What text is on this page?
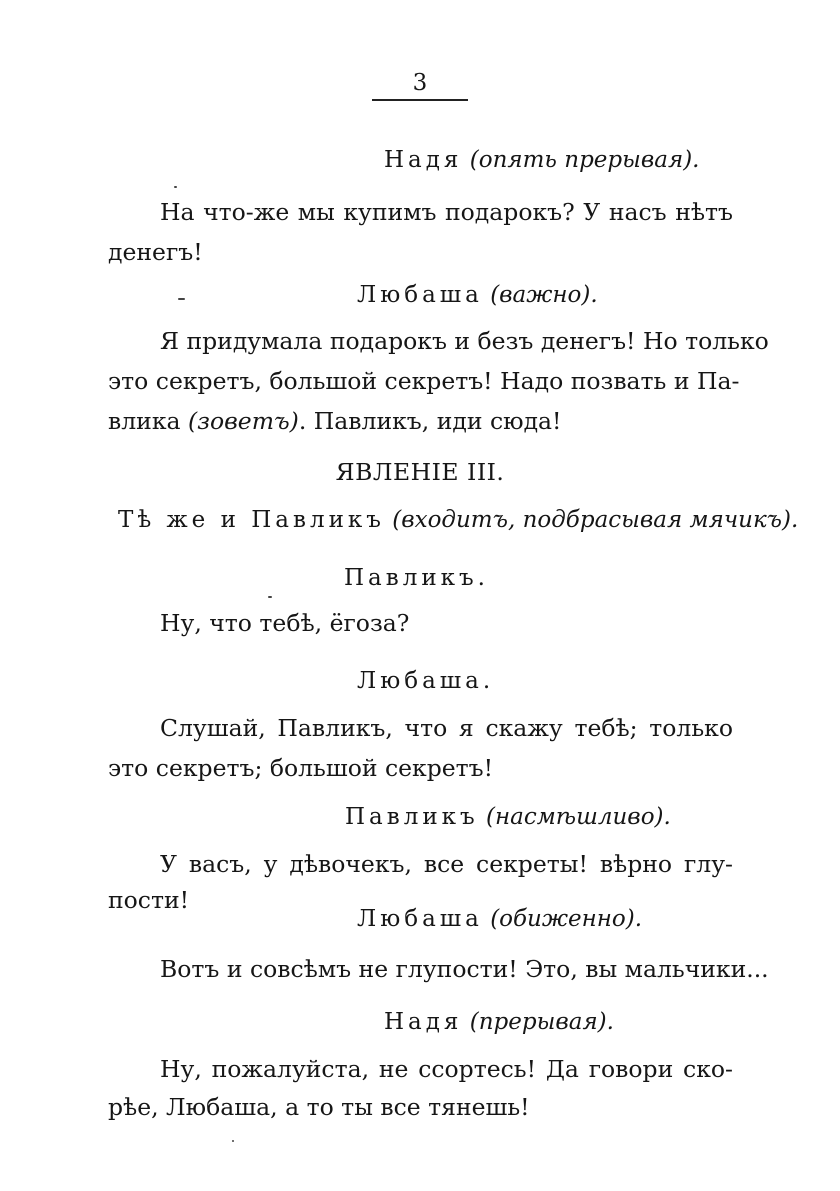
3
Надя (опять прерывая).
На что-же мы купимъ подарокъ? У насъ нѣтъ
денегъ!
Любаша (важно).
Я придумала подарокъ и безъ денегъ! Но только
это секретъ, большой секретъ! Надо позвать и Па-
влика (зоветъ). Павликъ, иди сюда!
ЯВЛЕНІЕ III.
Тѣ же и Павликъ (входитъ, подбрасывая мячикъ).
Павликъ.
Ну, что тебѣ, ёгоза?
Любаша.
Слушай, Павликъ, что я скажу тебѣ; только
это секретъ; большой секретъ!
Павликъ (насмѣшливо).
У васъ, у дѣвочекъ, все секреты! вѣрно глу-
пости!
Любаша (обиженно).
Вотъ и совсѣмъ не глупости! Это, вы мальчики...
Надя (прерывая).
Ну, пожалуйста, не ссортесь! Да говори ско-
рѣе, Любаша, а то ты все тянешь!
